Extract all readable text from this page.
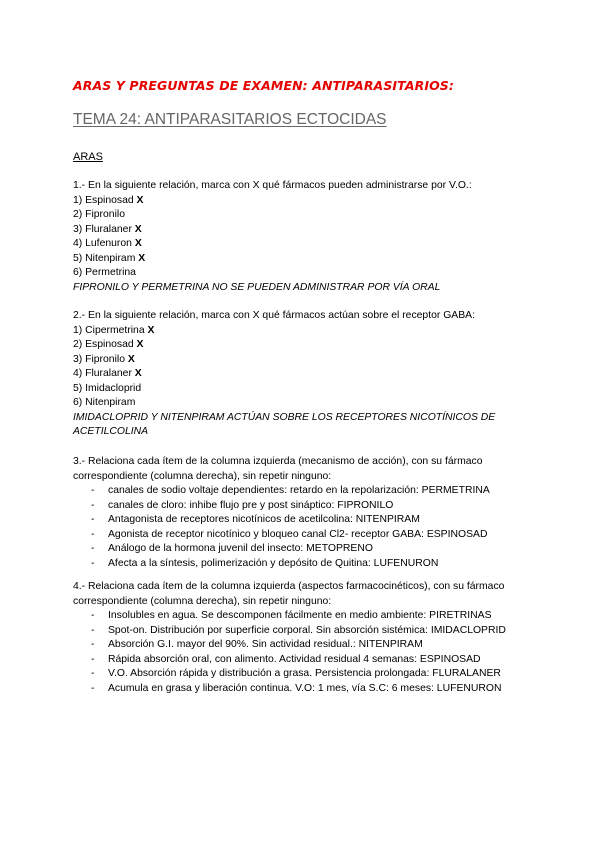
ARAS Y PREGUNTAS DE EXAMEN: ANTIPARASITARIOS:
TEMA 24: ANTIPARASITARIOS ECTOCIDAS
ARAS

1.- En la siguiente relación, marca con X qué fármacos pueden administrarse por V.O.:

1) Espinosad X

2) Fipronilo

3) Fluralaner X

4) Lufenuron X

5) Nitenpiram X

6) Permetrina

FIPRONILO Y PERMETRINA NO SE PUEDEN ADMINISTRAR POR VÍA ORAL

2.- En la siguiente relación, marca con X qué fármacos actúan sobre el receptor GABA:

1) Cipermetrina X

2) Espinosad X

3) Fipronilo X

4) Fluralaner X

5) Imidacloprid

6) Nitenpiram

IMIDACLOPRID Y NITENPIRAM ACTÚAN SOBRE LOS RECEPTORES NICOTÍNICOS DE ACETILCOLINA

3.- Relaciona cada ítem de la columna izquierda (mecanismo de acción), con su fármaco correspondiente (columna derecha), sin repetir ninguno:

- canales de sodio voltaje dependientes: retardo en la repolarización: PERMETRINA
- canales de cloro: inhibe flujo pre y post sináptico: FIPRONILO
- Antagonista de receptores nicotínicos de acetilcolina: NITENPIRAM
- Agonista de receptor nicotínico y bloqueo canal Cl2- receptor GABA: ESPINOSAD
- Análogo de la hormona juvenil del insecto: METOPRENO
- Afecta a la síntesis, polimerización y depósito de Quitina: LUFENURON

4.- Relaciona cada ítem de la columna izquierda (aspectos farmacocinéticos), con su fármaco correspondiente (columna derecha), sin repetir ninguno:

- Insolubles en agua. Se descomponen fácilmente en medio ambiente: PIRETRINAS
- Spot-on. Distribución por superficie corporal. Sin absorción sistémica: IMIDACLOPRID
- Absorción G.I. mayor del 90%. Sin actividad residual.: NITENPIRAM
- Rápida absorción oral, con alimento. Actividad residual 4 semanas: ESPINOSAD
- V.O. Absorción rápida y distribución a grasa. Persistencia prolongada: FLURALANER
- Acumula en grasa y liberación continua. V.O: 1 mes, vía S.C: 6 meses: LUFENURON
